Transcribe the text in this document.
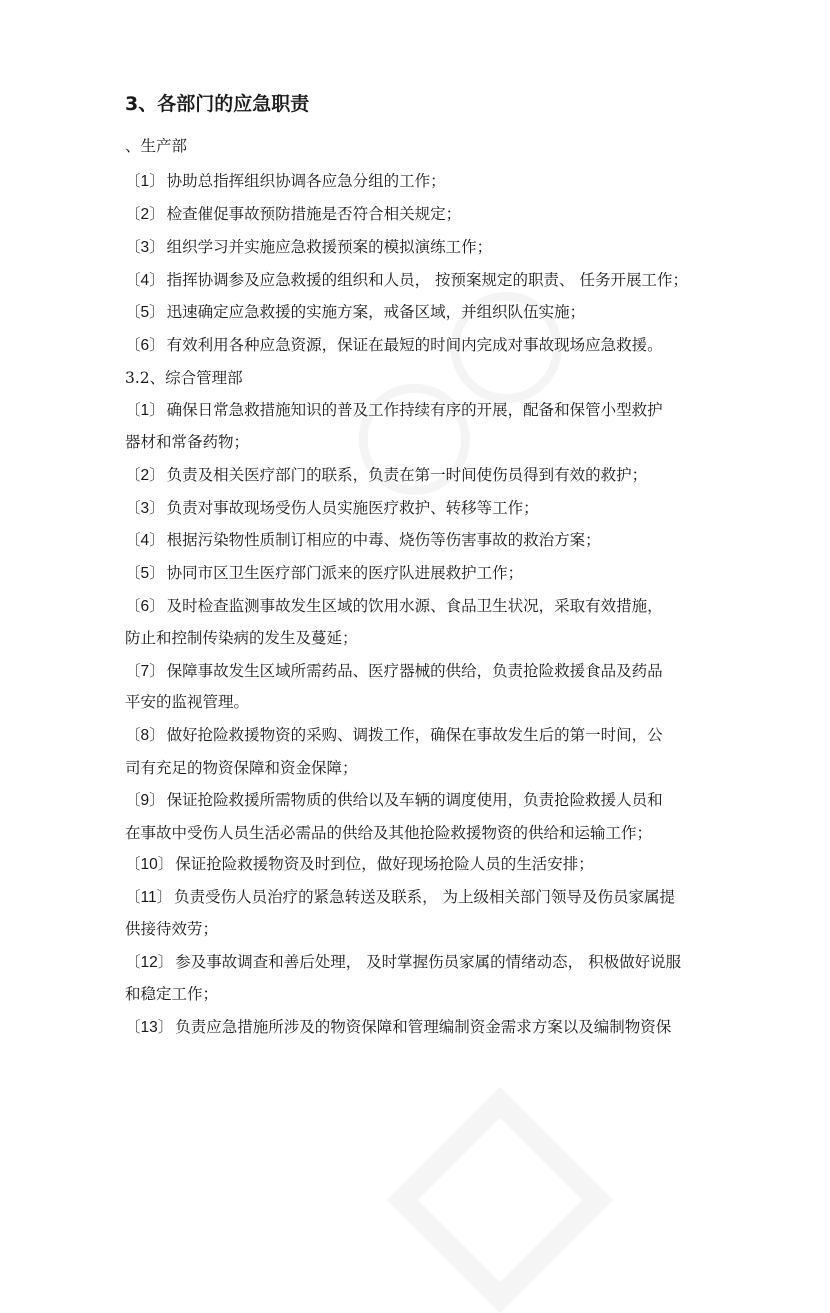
3、各部门的应急职责
、生产部
〔1〕 协助总指挥组织协调各应急分组的工作；
〔2〕 检查催促事故预防措施是否符合相关规定；
〔3〕 组织学习并实施应急救援预案的模拟演练工作；
〔4〕 指挥协调参及应急救援的组织和人员， 按预案规定的职责、 任务开展工作；
〔5〕 迅速确定应急救援的实施方案，戒备区域，并组织队伍实施；
〔6〕 有效利用各种应急资源，保证在最短的时间内完成对事故现场应急救援。
3.2、综合管理部
〔1〕 确保日常急救措施知识的普及工作持续有序的开展，配备和保管小型救护
器材和常备药物；
〔2〕 负责及相关医疗部门的联系，负责在第一时间使伤员得到有效的救护；
〔3〕 负责对事故现场受伤人员实施医疗救护、转移等工作；
〔4〕 根据污染物性质制订相应的中毒、烧伤等伤害事故的救治方案；
〔5〕 协同市区卫生医疗部门派来的医疗队进展救护工作；
〔6〕 及时检查监测事故发生区域的饮用水源、食品卫生状况，采取有效措施，
防止和控制传染病的发生及蔓延；
〔7〕 保障事故发生区域所需药品、医疗器械的供给，负责抢险救援食品及药品
平安的监视管理。
〔8〕 做好抢险救援物资的采购、调拨工作，确保在事故发生后的第一时间，公
司有充足的物资保障和资金保障；
〔9〕 保证抢险救援所需物质的供给以及车辆的调度使用，负责抢险救援人员和
在事故中受伤人员生活必需品的供给及其他抢险救援物资的供给和运输工作；
〔10〕 保证抢险救援物资及时到位，做好现场抢险人员的生活安排；
〔11〕 负责受伤人员治疗的紧急转送及联系， 为上级相关部门领导及伤员家属提
供接待效劳；
〔12〕 参及事故调查和善后处理， 及时掌握伤员家属的情绪动态， 积极做好说服
和稳定工作；
〔13〕 负责应急措施所涉及的物资保障和管理编制资金需求方案以及编制物资保
